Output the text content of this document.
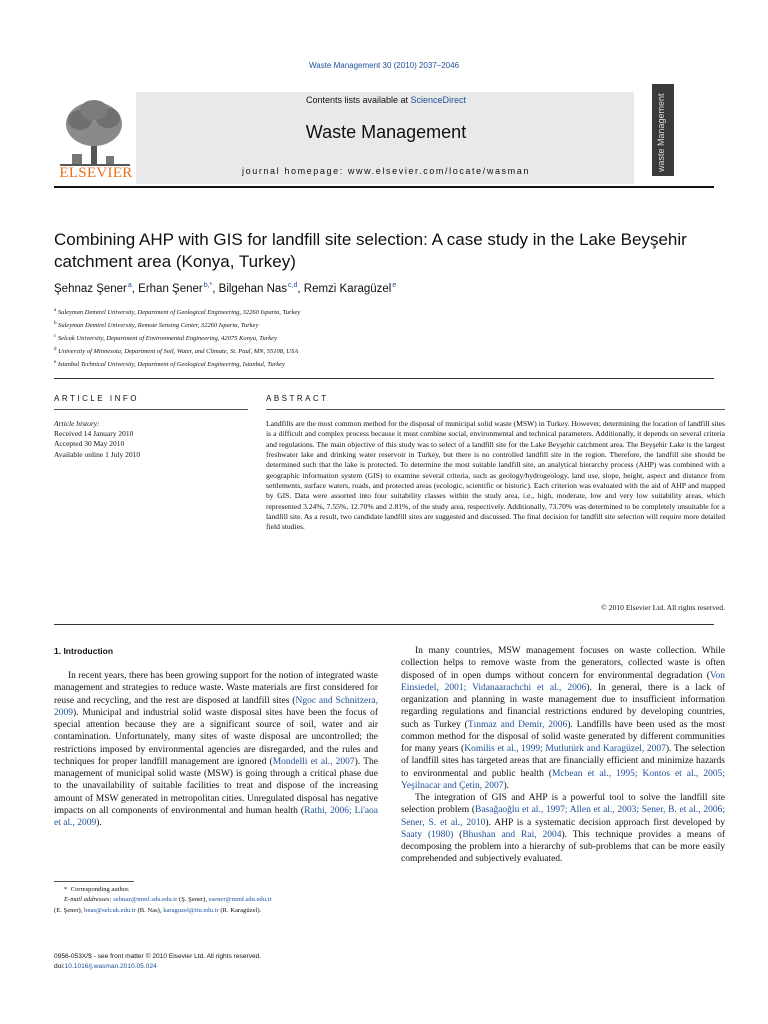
Waste Management 30 (2010) 2037–2046
ELSEVIER
Contents lists available at ScienceDirect
Waste Management
journal homepage: www.elsevier.com/locate/wasman	waste Management
Combining AHP with GIS for landfill site selection: A case study in the Lake Beyşehir
catchment area (Konya, Turkey)
Şehnaz Şener $^a$, Erhan Şener $^{b,*}$, Bilgehan Nas $^{c,d}$, Remzi Karagüzel $^e$
$^a$ Suleyman Demirel University, Department of Geological Engineering, 32260 Isparta, Turkey
$^b$ Suleyman Demirel University, Remote Sensing Center, 32260 Isparta, Turkey
$^c$ Selcuk University, Department of Environmental Engineering, 42075 Konya, Turkey
$^d$ University of Minnesota, Department of Soil, Water, and Climate, St. Paul, MN, 55108, USA
$^e$ Istanbul Technical University, Department of Geological Engineering, Istanbul, Turkey
ARTICLE INFO
Article history:
Received 14 January 2010
Accepted 30 May 2010
Available online 1 July 2010
ABSTRACT
Landfills are the most common method for the disposal of municipal solid waste (MSW) in Turkey. However, determining the location of landfill sites is a difficult and complex process because it must combine social, environmental and technical parameters. Additionally, it depends on several criteria and regulations. The main objective of this study was to select of a landfill site for the Lake Beyşehir catchment area. The Beyşehir Lake is the largest freshwater lake and drinking water reservoir in Turkey, but there is no controlled landfill site in the region. Therefore, the landfill site should be determined such that the lake is protected. To determine the most suitable landfill site, an analytical hierarchy process (AHP) was combined with a geographic information system (GIS) to examine several criteria, such as geology/hydrogeology, land use, slope, height, aspect and distance from settlements, surface waters, roads, and protected areas (ecologic, scientific or historic). Each criterion was evaluated with the aid of AHP and mapped by GIS. Data were assorted into four suitability classes within the study area, i.e., high, moderate, low and very low suitability areas, which represented 3.24%, 7.55%, 12.70% and 2.81%, of the study area, respectively. Additionally, 73.70% was determined to be completely unsuitable for a landfill site. As a result, two candidate landfill sites are suggested and discussed. The final decision for landfill site selection will require more detailed field studies.
© 2010 Elsevier Ltd. All rights reserved.
1. Introduction

In recent years, there has been growing support for the notion of integrated waste management and strategies to reduce waste. Waste materials are first considered for reuse and recycling, and the rest are disposed at landfill sites (Ngoc and Schnitzera, 2009). Municipal and industrial solid waste disposal sites have been the focus of special attention because they are a significant source of soil, water and air contamination. Unfortunately, many sites of waste disposal are uncontrolled; the restrictions imposed by environmental agencies are disregarded, and the rules and techniques for proper landfill management are ignored (Mondelli et al., 2007). The management of municipal solid waste (MSW) is going through a critical phase due to the unavailability of suitable facilities to treat and dispose of the increasing amount of MSW generated in metropolitan cities. Unregulated disposal has negative impacts on all components of environmental and human health (Rathi, 2006; Li'aoa et al., 2009).

In many countries, MSW management focuses on waste collection. While collection helps to remove waste from the generators, collected waste is often disposed of in open dumps without concern for environmental degradation (Von Einsiedel, 2001; Vidanaarachchi et al., 2006). In general, there is a lack of organization and planning in waste management due to insufficient information regarding regulations and financial restrictions endured by developing countries, such as Turkey (Tınmaz and Demir, 2006). Landfills have been used as the most common method for the disposal of solid waste generated by different communities for many years (Komilis et al., 1999; Mutlutürk and Karagüzel, 2007). The selection of landfill sites has targeted areas that are financially efficient and minimize hazards to environmental and public health (Mcbean et al., 1995; Kontos et al., 2005; Yeşilnacar and Çetin, 2007).

The integration of GIS and AHP is a powerful tool to solve the landfill site selection problem (Basağaoğlu et al., 1997; Allen et al., 2003; Sener, B. et al., 2006; Sener, S. et al., 2010). AHP is a systematic decision approach first developed by Saaty (1980) (Bhushan and Rai, 2004). This technique provides a means of decomposing the problem into a hierarchy of sub-problems that can be more easily comprehended and subjectively evaluated.

* Corresponding author.
E-mail addresses: sehnaz@mmf.sdu.edu.tr (Ş. Şener), esener@mmf.sdu.edu.tr
(E. Şener), bnas@selcuk.edu.tr (B. Nas), karaguzel@itu.edu.tr (R. Karagüzel).
0956-053X/$ - see front matter © 2010 Elsevier Ltd. All rights reserved.
doi:10.1016/j.wasman.2010.05.024
